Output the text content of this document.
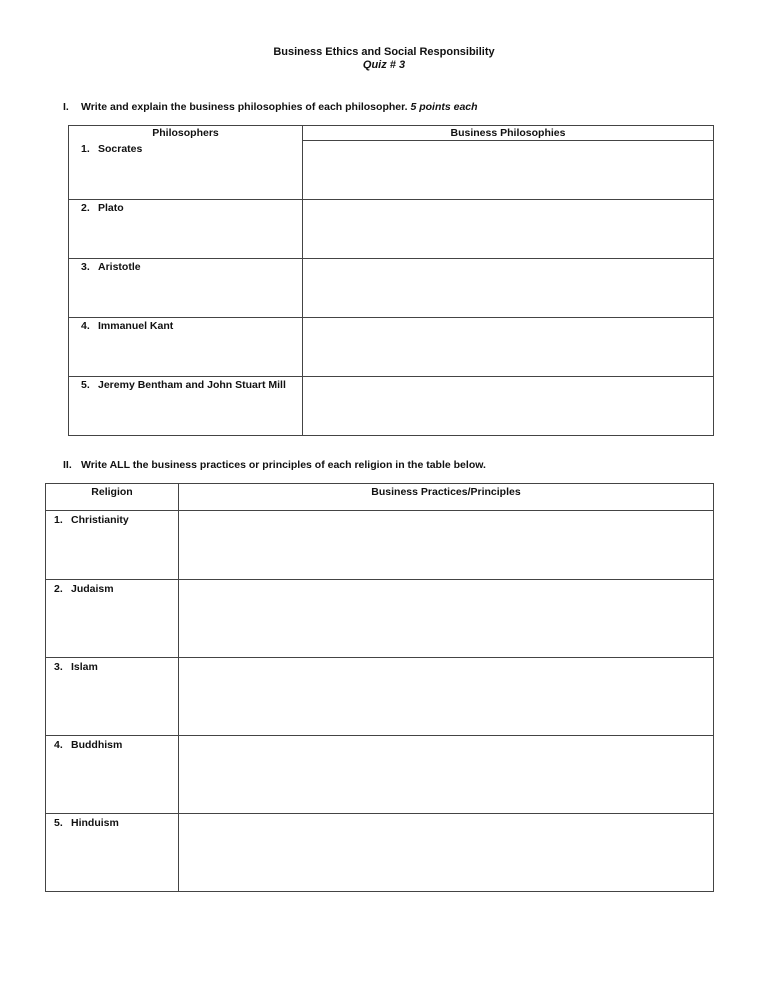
Business Ethics and Social Responsibility
Quiz # 3
I. Write and explain the business philosophies of each philosopher. 5 points each
Philosophers	Business Philosophies
1. Socrates	
2. Plato	
3. Aristotle	
4. Immanuel Kant	
5. Jeremy Bentham and John Stuart Mill	
II. Write ALL the business practices or principles of each religion in the table below.
Religion	Business Practices/Principles
1. Christianity	
2. Judaism	
3. Islam	
4. Buddhism	
5. Hinduism	
